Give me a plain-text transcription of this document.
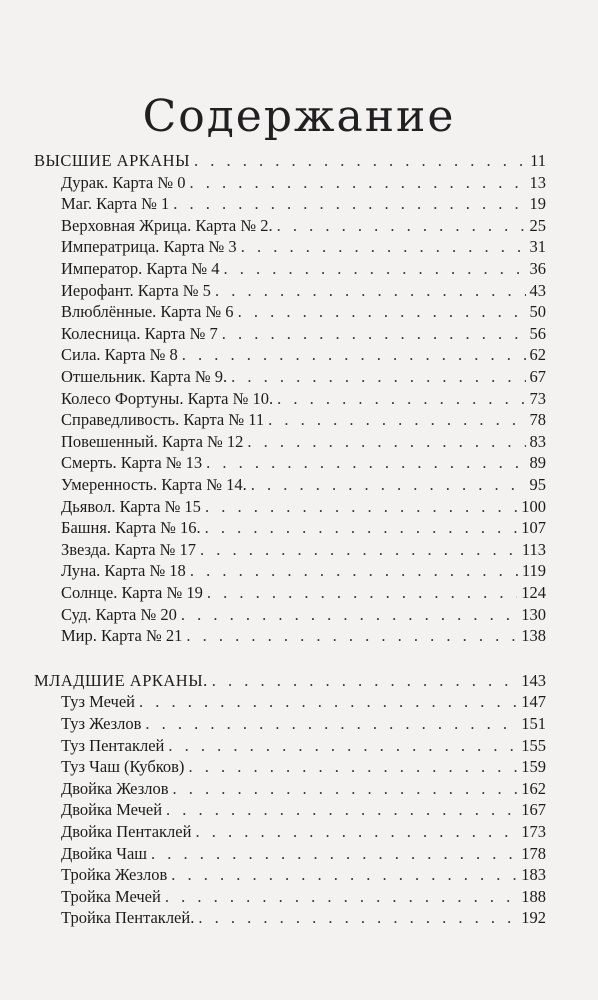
Содержание
ВЫСШИЕ АРКАНЫ . . .	11
Дурак. Карта № 0 . . .	13
Маг. Карта № 1 . . .	19
Верховная Жрица. Карта № 2. . . .	25
Императрица. Карта № 3 . . .	31
Император. Карта № 4 . . .	36
Иерофант. Карта № 5 . . .	43
Влюблённые. Карта № 6 . . .	50
Колесница. Карта № 7 . . .	56
Сила. Карта № 8 . . .	62
Отшельник. Карта № 9. . . .	67
Колесо Фортуны. Карта № 10. . . .	73
Справедливость. Карта № 11 . . .	78
Повешенный. Карта № 12 . . .	83
Смерть. Карта № 13 . . .	89
Умеренность. Карта № 14. . . .	95
Дьявол. Карта № 15 . . .	100
Башня. Карта № 16. . . .	107
Звезда. Карта № 17 . . .	113
Луна. Карта № 18 . . .	119
Солнце. Карта № 19 . . .	124
Суд. Карта № 20 . . .	130
Мир. Карта № 21 . . .	138
МЛАДШИЕ АРКАНЫ. . . .	143
Туз Мечей . . .	147
Туз Жезлов . . .	151
Туз Пентаклей . . .	155
Туз Чаш (Кубков) . . .	159
Двойка Жезлов . . .	162
Двойка Мечей . . .	167
Двойка Пентаклей . . .	173
Двойка Чаш . . .	178
Тройка Жезлов . . .	183
Тройка Мечей . . .	188
Тройка Пентаклей. . . .	192
